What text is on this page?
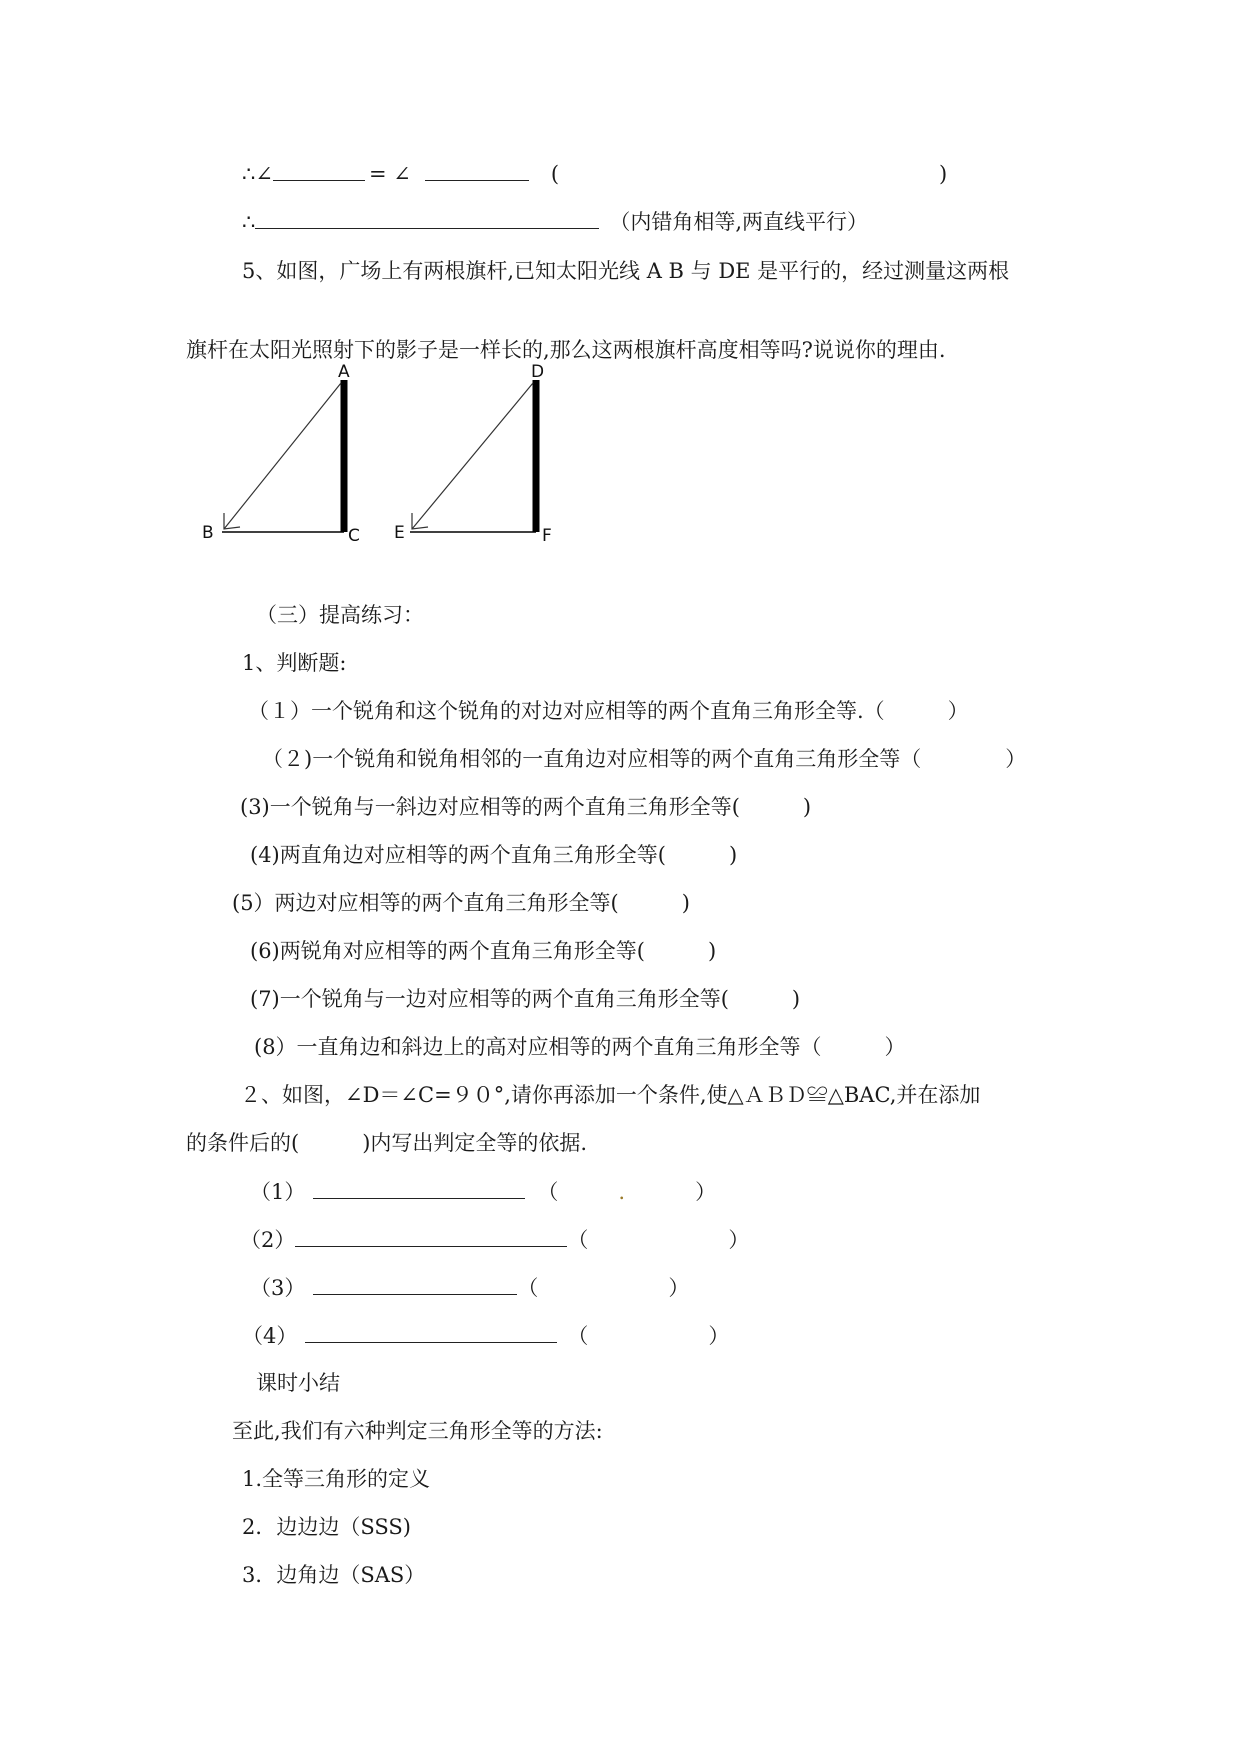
∴∠	= ∠	(	)
∴	（内错角相等,两直线平行）
5、如图，广场上有两根旗杆,已知太阳光线 A B 与 DE 是平行的，经过测量这两根
旗杆在太阳光照射下的影子是一样长的,那么这两根旗杆高度相等吗?说说你的理由.
A
B	C
D
E	F
（三）提高练习：
1、判断题:
（１）一个锐角和这个锐角的对边对应相等的两个直角三角形全等.（　　　）
（２)一个锐角和锐角相邻的一直角边对应相等的两个直角三角形全等（　　　　）
(3)一个锐角与一斜边对应相等的两个直角三角形全等(　　　)
(4)两直角边对应相等的两个直角三角形全等(　　　)
(5）两边对应相等的两个直角三角形全等(　　　)
(6)两锐角对应相等的两个直角三角形全等(　　　)
(7)一个锐角与一边对应相等的两个直角三角形全等(　　　)
(8）一直角边和斜边上的高对应相等的两个直角三角形全等（　　　）
２、如图，∠D＝∠C=９０°,请你再添加一个条件,使△ＡＢＤ≌△BAC,并在添加
的条件后的(　　　)内写出判定全等的依据.
（1）	（	.	）
（2）	（	）
（3）	（	）
（4）	（	）
课时小结
至此,我们有六种判定三角形全等的方法:
1.全等三角形的定义
2．边边边（SSS)
3．边角边（SAS）
